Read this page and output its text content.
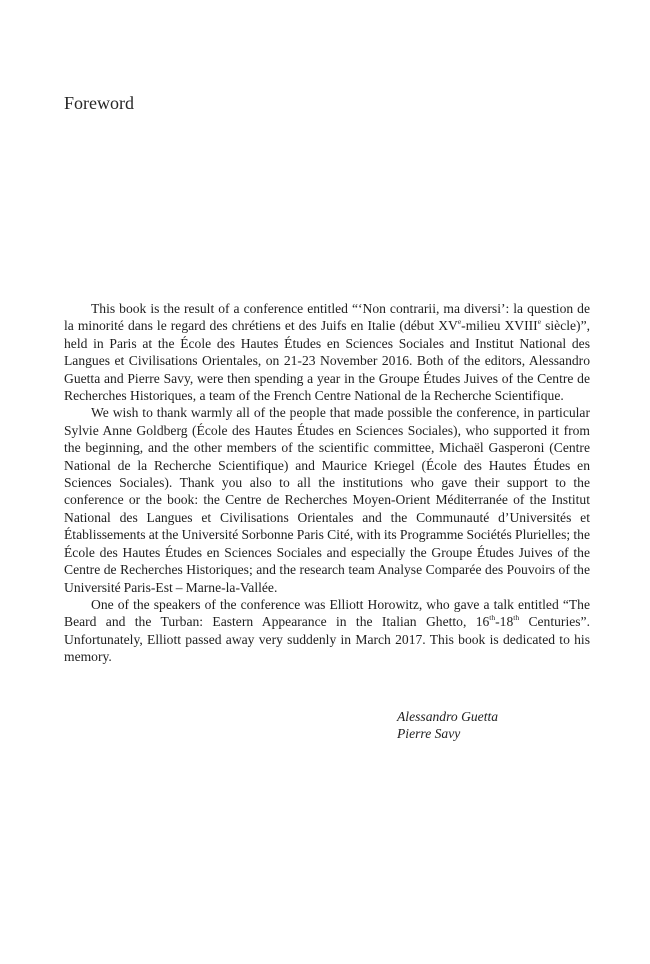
Foreword

This book is the result of a conference entitled “‘Non contrarii, ma diversi’: la question de la minorité dans le regard des chrétiens et des Juifs en Italie (début XVe-milieu XVIIIe siècle)”, held in Paris at the École des Hautes Études en Sciences Sociales and Institut National des Langues et Civilisations Orientales, on 21-23 November 2016. Both of the editors, Alessandro Guetta and Pierre Savy, were then spending a year in the Groupe Études Juives of the Centre de Recherches Historiques, a team of the French Centre National de la Recherche Scientifique.

We wish to thank warmly all of the people that made possible the conference, in particular Sylvie Anne Goldberg (École des Hautes Études en Sciences Sociales), who supported it from the beginning, and the other members of the scientific committee, Michaël Gasperoni (Centre National de la Recherche Scientifique) and Maurice Kriegel (École des Hautes Études en Sciences Sociales). Thank you also to all the institutions who gave their support to the conference or the book: the Centre de Recherches Moyen-Orient Méditerranée of the Institut National des Langues et Civilisations Orientales and the Communauté d’Universités et Établissements at the Université Sorbonne Paris Cité, with its Programme Sociétés Plurielles; the École des Hautes Études en Sciences Sociales and especially the Groupe Études Juives of the Centre de Recherches Historiques; and the research team Analyse Comparée des Pouvoirs of the Université Paris-Est – Marne-la-Vallée.

One of the speakers of the conference was Elliott Horowitz, who gave a talk entitled “The Beard and the Turban: Eastern Appearance in the Italian Ghetto, 16th-18th Centuries”. Unfortunately, Elliott passed away very suddenly in March 2017. This book is dedicated to his memory.

Alessandro Guetta
Pierre Savy
